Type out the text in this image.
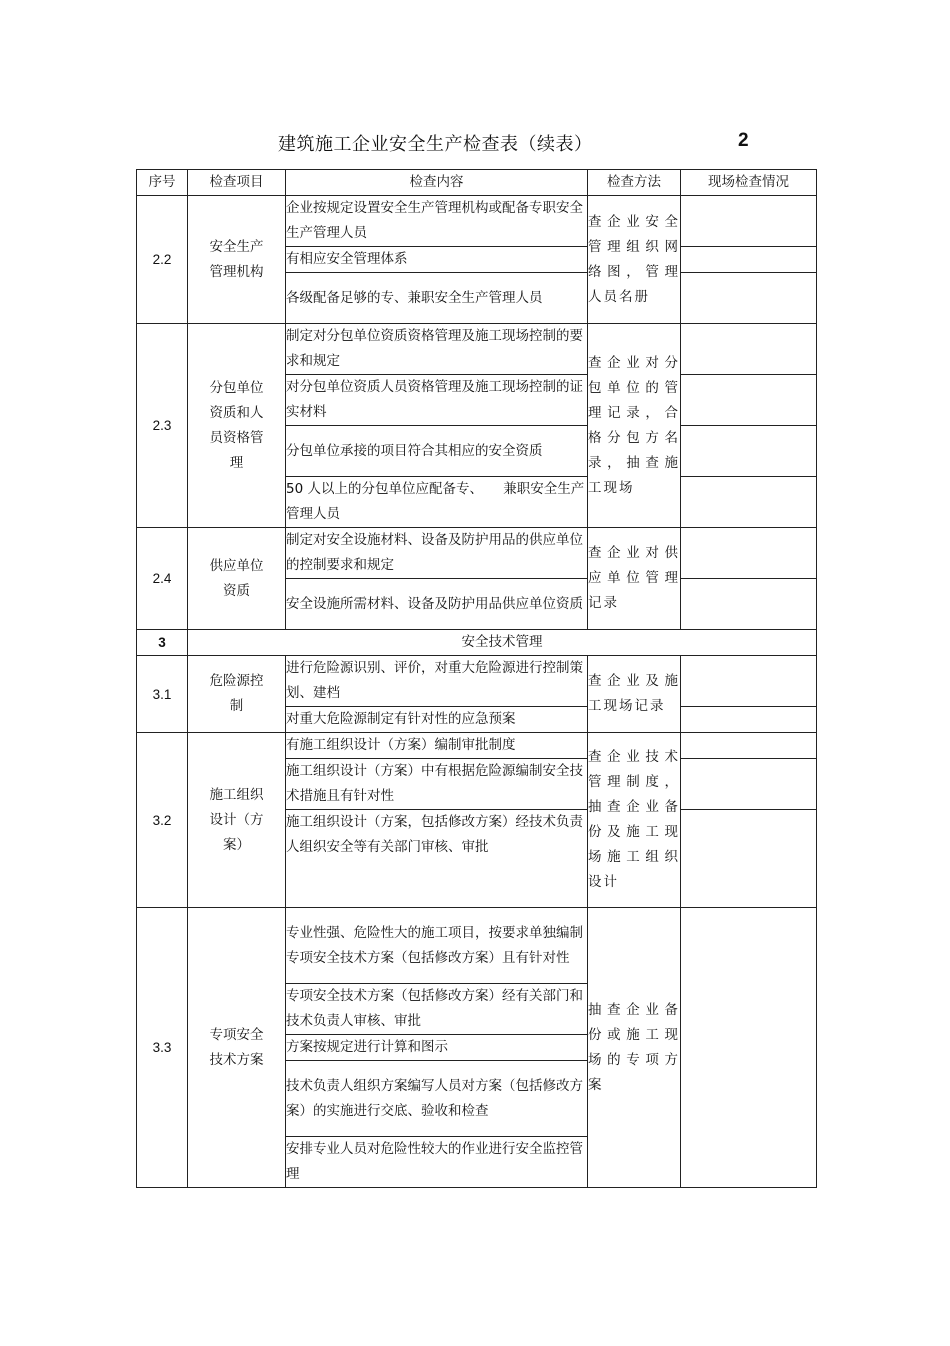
建筑施工企业安全生产检查表（续表）	2
序号	检查项目	检查内容	检查方法	现场检查情况
2.2	安全生产管理机构	企业按规定设置安全生产管理机构或配备专职安全生产管理人员	查企业安全管理组织网络图，管理人员名册	

		有相应安全管理体系		

		各级配备足够的专、兼职安全生产管理人员		

2.3	分包单位资质和人员资格管理	制定对分包单位资质资格管理及施工现场控制的要求和规定	查企业对分包单位的管理记录，合格分包方名录，抽查施工现场	

		对分包单位资质人员资格管理及施工现场控制的证实材料		

		分包单位承接的项目符合其相应的安全资质		

		50 人以上的分包单位应配备专、　　兼职安全生产管理人员		

2.4	供应单位资质	制定对安全设施材料、设备及防护用品的供应单位的控制要求和规定	查企业对供应单位管理记录	

		安全设施所需材料、设备及防护用品供应单位资质		

3	安全技术管理			
3.1	危险源控制	进行危险源识别、评价，对重大危险源进行控制策划、建档	查企业及施工现场记录	

		对重大危险源制定有针对性的应急预案		

3.2	施工组织设计（方案）	有施工组织设计（方案）编制审批制度	查企业技术管理制度，抽查企业备份及施工现场施工组织设计	

		施工组织设计（方案）中有根据危险源编制安全技术措施且有针对性		

		施工组织设计（方案，包括修改方案）经技术负责人组织安全等有关部门审核、审批		

3.3	专项安全技术方案	专业性强、危险性大的施工项目，按要求单独编制专项安全技术方案（包括修改方案）且有针对性	抽查企业备份或施工现场的专项方案	

		专项安全技术方案（包括修改方案）经有关部门和技术负责人审核、审批		

		方案按规定进行计算和图示		

		技术负责人组织方案编写人员对方案（包括修改方案）的实施进行交底、验收和检查		

		安排专业人员对危险性较大的作业进行安全监控管理		
